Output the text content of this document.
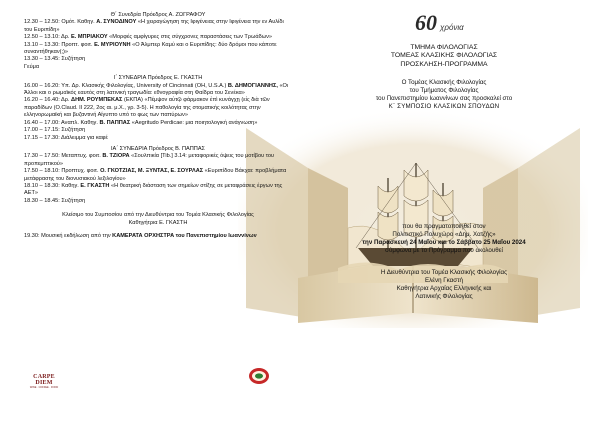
60 χρόνια

Θ΄ Συνεδρία Πρόεδρος Α. ΖΩΓΡΑΦΟΥ

12.30 – 12.50: Ομότ. Καθηγ. Α. ΣΥΝΟΔΙΝΟΥ «Η χειραγώγηση της Ιφιγένειας στην Ιφιγένεια την εν Αυλίδι του Ευριπίδη»

12.50 – 13.10: Δρ. Ε. ΜΠΡΙΑΚΟΥ «Μορφές αμφίγυρες στις σύγχρονες παραστάσεις των Τρωάδων»

13.10 – 13.30: Προπτ. φοιτ. Ε. ΜΥΡΙΟΥΝΗ «Ο Άλμπερ Καμύ και ο Ευριπίδης: δύο δρόμοι που κάποτε συναντήθηκαν(;)»

13.30 – 13.45: Συζήτηση

Γεύμα

Ι΄ ΣΥΝΕΔΡΙΑ Πρόεδρος Ε. ΓΚΑΣΤΗ

16.00 – 16.20: Υπ. Δρ. Κλασικής Φιλολογίας, University of Cincinnati (OH, U.S.A.) Β. ΔΗΜΟΓΙΑΝΝΗΣ, «Οι Άλλοι και ο ρωμαϊκός εαυτός στη λατινική τραγωδία: εθνογραφία στη Φαίδρα του Σενέκα»

16.20 – 16.40: Δρ. ΔΗΜ. ΡΟΥΜΠΕΚΑΣ (ΕΚΠΑ) «Πέμψον αὐτῷ φάρμακον ἐπὶ κυνάγχῃ (εἰς διὰ τῶν παραδίδων (O.Claud. II 222, 2ος αι. μ.Χ., γρ. 3-5). Η παθολογία της στοματικής κοιλότητας στην ελληνορωμαϊκή και βυζαντινή Αίγυπτο υπό το φως των παπύρων»

16.40 – 17.00: Αναπλ. Καθηγ. Β. ΠΑΠΠΑΣ «Aegritudo Perdicae: μια ποιητολογική ανάγνωση»

17.00 – 17.15: Συζήτηση

17.15 – 17.30: Διάλειμμα για καφέ

ΙΑ΄ ΣΥΝΕΔΡΙΑ Πρόεδρος Β. ΠΑΠΠΑΣ

17.30 – 17.50: Μεταπτυχ. φοιτ. Β. ΤΖΙΟΡΑ «Σουλπικία [Tib.] 3.14: μεταφορικές όψεις του μοτίβου του προπεμπτικού»

17.50 – 18.10: Προπτυχ. φοιτ. Ο. ΓΚΟΤΖΙΑΣ, Μ. ΞΥΝΤΑΣ, Ε. ΣΟΥΡΛΑΣ «Ευριπίδου Βάκχαι: προβλήματα μετάφρασης του διονυσιακού λεξιλογίου»

18.10 – 18.30: Καθηγ. Ε. ΓΚΑΣΤΗ «Η θεατρική διάσταση των σημείων στίξης σε μεταφράσεις έργων της ΑΕΤ»

18.30 – 18.45: Συζήτηση

Κλείσιμο του Συμποσίου από την Διευθύντρια του Τομέα Κλασικής Φιλολογίας

Καθηγήτρια Ε. ΓΚΑΣΤΗ

19.30: Μουσική εκδήλωση από την ΚΑΜΕΡΑΤΑ ΟΡΧΗΣΤΡΑ του Πανεπιστημίου Ιωαννίνων

CARPE DIEM
WINE · COFFEE · FOOD
ΤΜΗΜΑ ΦΙΛΟΛΟΓΙΑΣ
ΤΟΜΕΑΣ ΚΛΑΣΙΚΗΣ ΦΙΛΟΛΟΓΙΑΣ
ΠΡΟΣΚΛΗΣΗ-ΠΡΟΓΡΑΜΜΑ
Ο Τομέας Κλασικής Φιλολογίας
του Τμήματος Φιλολογίας
του Πανεπιστημίου Ιωαννίνων σας προσκαλεί στο
Κ΄ ΣΥΜΠΟΣΙΟ ΚΛΑΣΙΚΩΝ ΣΠΟΥΔΩΝ
που θα πραγματοποιηθεί στον
Πολιτιστικό Πολυχώρο «Δημ. Χατζής»
την Παρασκευή 24 Μαΐου και το Σάββατο 25 Μαΐου 2024
σύμφωνα με το Πρόγραμμα που ακολουθεί
Η Διευθύντρια του Τομέα Κλασικής Φιλολογίας
Ελένη Γκαστή
Καθηγήτρια Αρχαίας Ελληνικής και
Λατινικής Φιλολογίας
